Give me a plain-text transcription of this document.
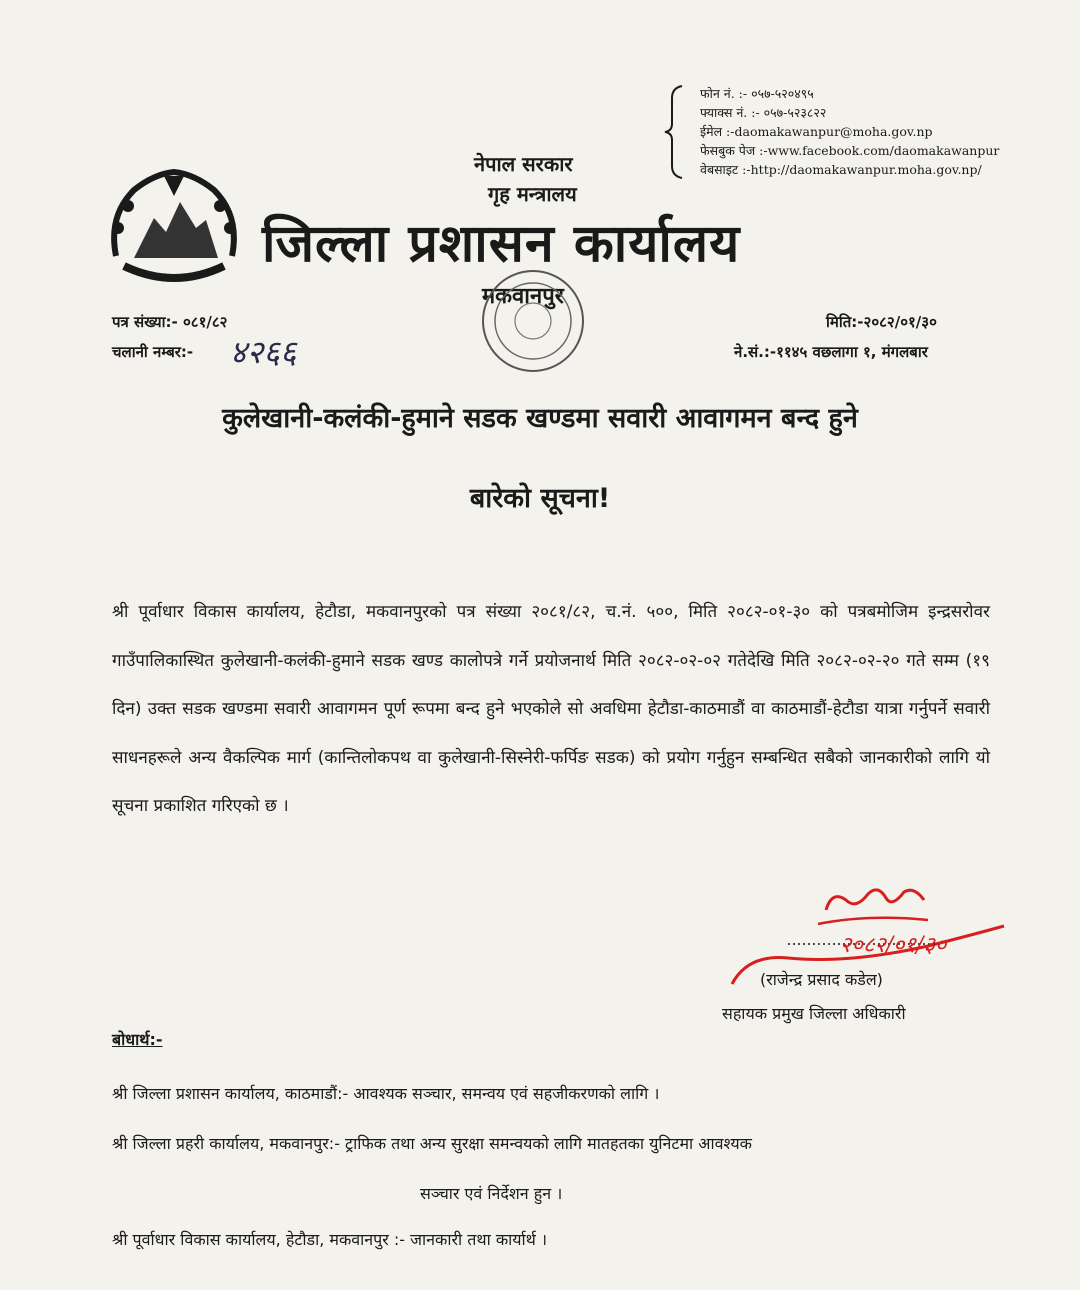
फोन नं. :- ०५७-५२०४९५
फ्याक्स नं. :- ०५७-५२३८२२
ईमेल :-daomakawanpur@moha.gov.np
फेसबुक पेज :-www.facebook.com/daomakawanpur
वेबसाइट :-http://daomakawanpur.moha.gov.np/
नेपाल सरकार
गृह मन्त्रालय
जिल्ला प्रशासन कार्यालय
मकवानपुर
पत्र संख्या:- ०८१/८२
चलानी नम्बर:- ४२६६
मिति:-२०८२/०१/३०
ने.सं.:-११४५ वछलागा १, मंगलबार
कुलेखानी-कलंकी-हुमाने सडक खण्डमा सवारी आवागमन बन्द हुने
बारेको सूचना!
श्री पूर्वाधार विकास कार्यालय, हेटौडा, मकवानपुरको पत्र संख्या २०८१/८२, च.नं. ५००, मिति २०८२-०१-३० को पत्रबमोजिम इन्द्रसरोवर गाउँपालिकास्थित कुलेखानी-कलंकी-हुमाने सडक खण्ड कालोपत्रे गर्ने प्रयोजनार्थ मिति २०८२-०२-०२ गतेदेखि मिति २०८२-०२-२० गते सम्म (१९ दिन) उक्त सडक खण्डमा सवारी आवागमन पूर्ण रूपमा बन्द हुने भएकोले सो अवधिमा हेटौडा-काठमाडौं वा काठमाडौं-हेटौडा यात्रा गर्नुपर्ने सवारी साधनहरूले अन्य वैकल्पिक मार्ग (कान्तिलोकपथ वा कुलेखानी-सिस्नेरी-फर्पिङ सडक) को प्रयोग गर्नुहुन सम्बन्धित सबैको जानकारीको लागि यो सूचना प्रकाशित गरिएको छ ।
२०८२/०१/३०
(राजेन्द्र प्रसाद कडेल)
सहायक प्रमुख जिल्ला अधिकारी
बोधार्थ:-
श्री जिल्ला प्रशासन कार्यालय, काठमाडौं:- आवश्यक सञ्चार, समन्वय एवं सहजीकरणको लागि ।
श्री जिल्ला प्रहरी कार्यालय, मकवानपुर:- ट्राफिक तथा अन्य सुरक्षा समन्वयको लागि मातहतका युनिटमा आवश्यक
सञ्चार एवं निर्देशन हुन ।
श्री पूर्वाधार विकास कार्यालय, हेटौडा, मकवानपुर :- जानकारी तथा कार्यार्थ ।
